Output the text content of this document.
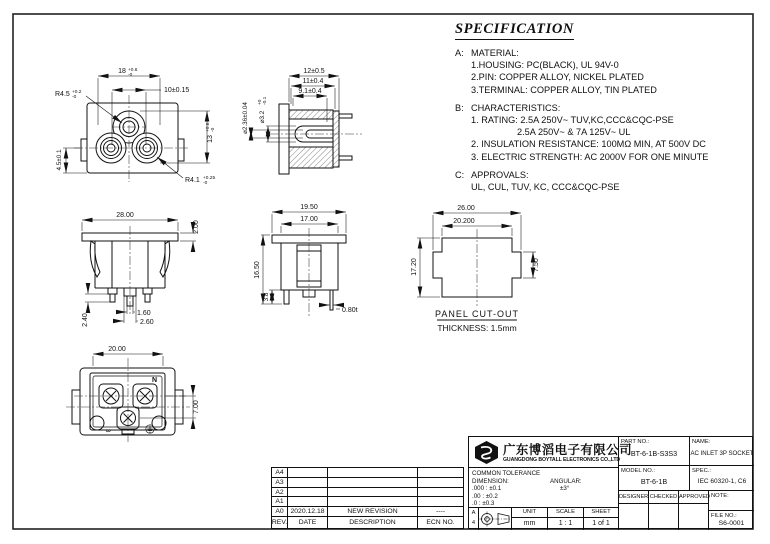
18 +0.6
-0
10±0.15
R4.5 +0.2
-0
13
+0.6 -0
4.5±0.1
R4.1 +0.25
-0
12±0.5
11±0.4
9.1±0.4
⌀3.2
+0 -0.1
⌀2.36±0.04
28.00
2.00
2.40	1.60
2.60
19.50
17.00
16.50
3.8
0.80t
26.00
20.200
17.20	7.50
PANEL CUT-OUT
THICKNESS: 1.5mm
20.00
7.00
N
3
SPECIFICATION
A: MATERIAL:
1.HOUSING: PC(BLACK), UL 94V-0
2.PIN: COPPER ALLOY, NICKEL PLATED
3.TERMINAL: COPPER ALLOY, TIN PLATED
B: CHARACTERISTICS:
1. RATING: 2.5A 250V~ TUV,KC,CCC&CQC-PSE
2.5A 250V~ & 7A 125V~ UL
2. INSULATION RESISTANCE: 100MΩ MIN, AT 500V DC
3. ELECTRIC STRENGTH: AC 2000V FOR ONE MINUTE
C: APPROVALS:
UL, CUL, TUV, KC, CCC&CQC-PSE
A4
A3
A2
A1
A0	2020.12.18	NEW REVISION	----
REV.	DATE	DESCRIPTION	ECN NO.
广东博滔电子有限公司
GUANGDONG BOYTALL ELECTRONICS CO.,LTD
COMMON TOLERANCE
DIMENSION:	ANGULAR:
.000 : ±0.1	±3°
.00 : ±0.2
.0 : ±0.3
A
4
UNIT
mm
SCALE
1 : 1
SHEET
1 of 1
PART NO.:
BT-6-1B-S3S3
NAME:
AC INLET 3P SOCKET
MODEL NO.:
BT-6-1B
SPEC.:
IEC 60320-1, C6
DESIGNER CHECKED APPROVED NOTE:
FILE NO.:
S6-0001
